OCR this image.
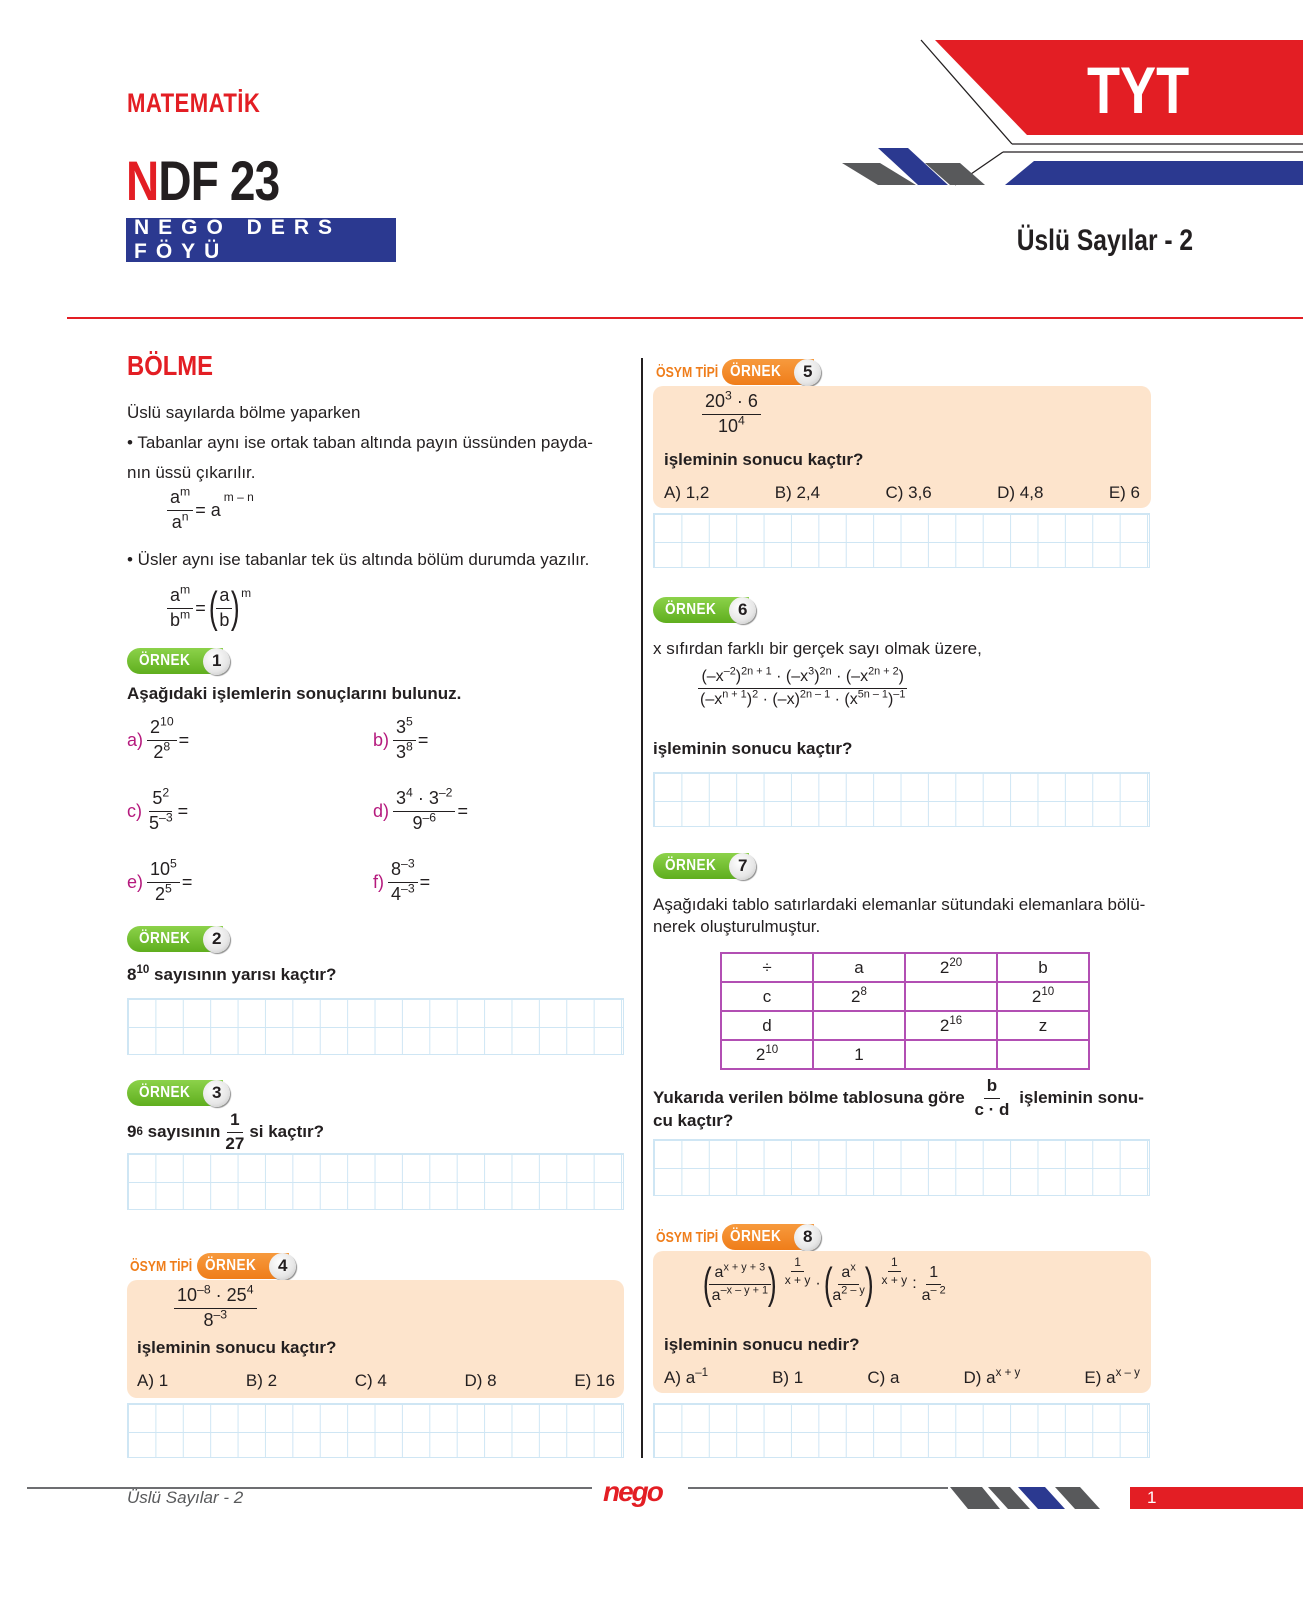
MATEMATİK
NDF 23
NEGO DERS FÖYÜ
TYT
Üslü Sayılar - 2
BÖLME
Üslü sayılarda bölme yaparken
• Tabanlar aynı ise ortak taban altında payın üssünden payda-
nın üssü çıkarılır.
$\frac{a^m}{a^n} = a$
m – n
• Üsler aynı ise tabanlar tek üs altında bölüm durumda yazılır.
$\frac{a^m}{b^m}$ = (
$\frac{a}{b}$
) m
ÖRNEK	1
Aşağıdaki işlemlerin sonuçlarını bulunuz.
$a) \frac{2^{10}}{2^8}$ =	$b) \frac{3^5}{3^8}$ =
$c) \frac{5^2}{5^{-3}}$ =	$d) \frac{3^4 \cdot 3^{-2}}{9^{-6}}$ =
$e) \frac{10^5}{2^5}$ =	$f) \frac{8^{-3}}{4^{-3}}$ =
ÖRNEK	2
$8^{10}$ sayısının yarısı kaçtır?
ÖRNEK	3
9 6
sayısının $\frac{1}{27}$ si kaçtır?
ÖSYM TİPİ ÖRNEK	4
$\frac{10^{-8} \cdot 25^4}{8^{-3}}$
işleminin sonucu kaçtır?
A) 1	B) 2	C) 4	D) 8	E) 16
ÖSYM TİPİ ÖRNEK	5
$\frac{20^3 \cdot 6}{10^4}$
işleminin sonucu kaçtır?
A) 1,2	B) 2,4	C) 3,6	D) 4,8	E) 6
ÖRNEK	6
x sıfırdan farklı bir gerçek sayı olmak üzere,
$\frac{(-x^{-2})^{2n + 1} \cdot (-x^3)^{2n} \cdot (-x^{2n + 2})}{(-x^{n + 1})^2 \cdot (-x)^{2n - 1} \cdot (x^{5n - 1})^{-1}}$
işleminin sonucu kaçtır?
ÖRNEK	7
Aşağıdaki tablo satırlardaki elemanlar sütundaki elemanlara bölü-
nerek oluşturulmuştur.
÷	a	$2^{20}$	b
c	$2^8$		$2^{10}$
d		$2^{16}$	z
$2^{10}$	1		
Yukarıda verilen bölme tablosuna göre
$\frac{b}{c \cdot d}$
işleminin sonu-
cu kaçtır?
ÖSYM TİPİ ÖRNEK	8
(
$\frac{a^{x + y + 3}}{a^{-x - y + 1}}$
) $\frac{1}{x + y}$ · (
$\frac{a^x}{a^{2 - y}}$
) $\frac{1}{x + y}$ : $\frac{1}{a^{- 2}}$
işleminin sonucu nedir?
A) $a^{-1}$	B) 1	C) a	D) $a^{x + y}$	E) $a^{x - y}$
Üslü Sayılar - 2	nego	1
